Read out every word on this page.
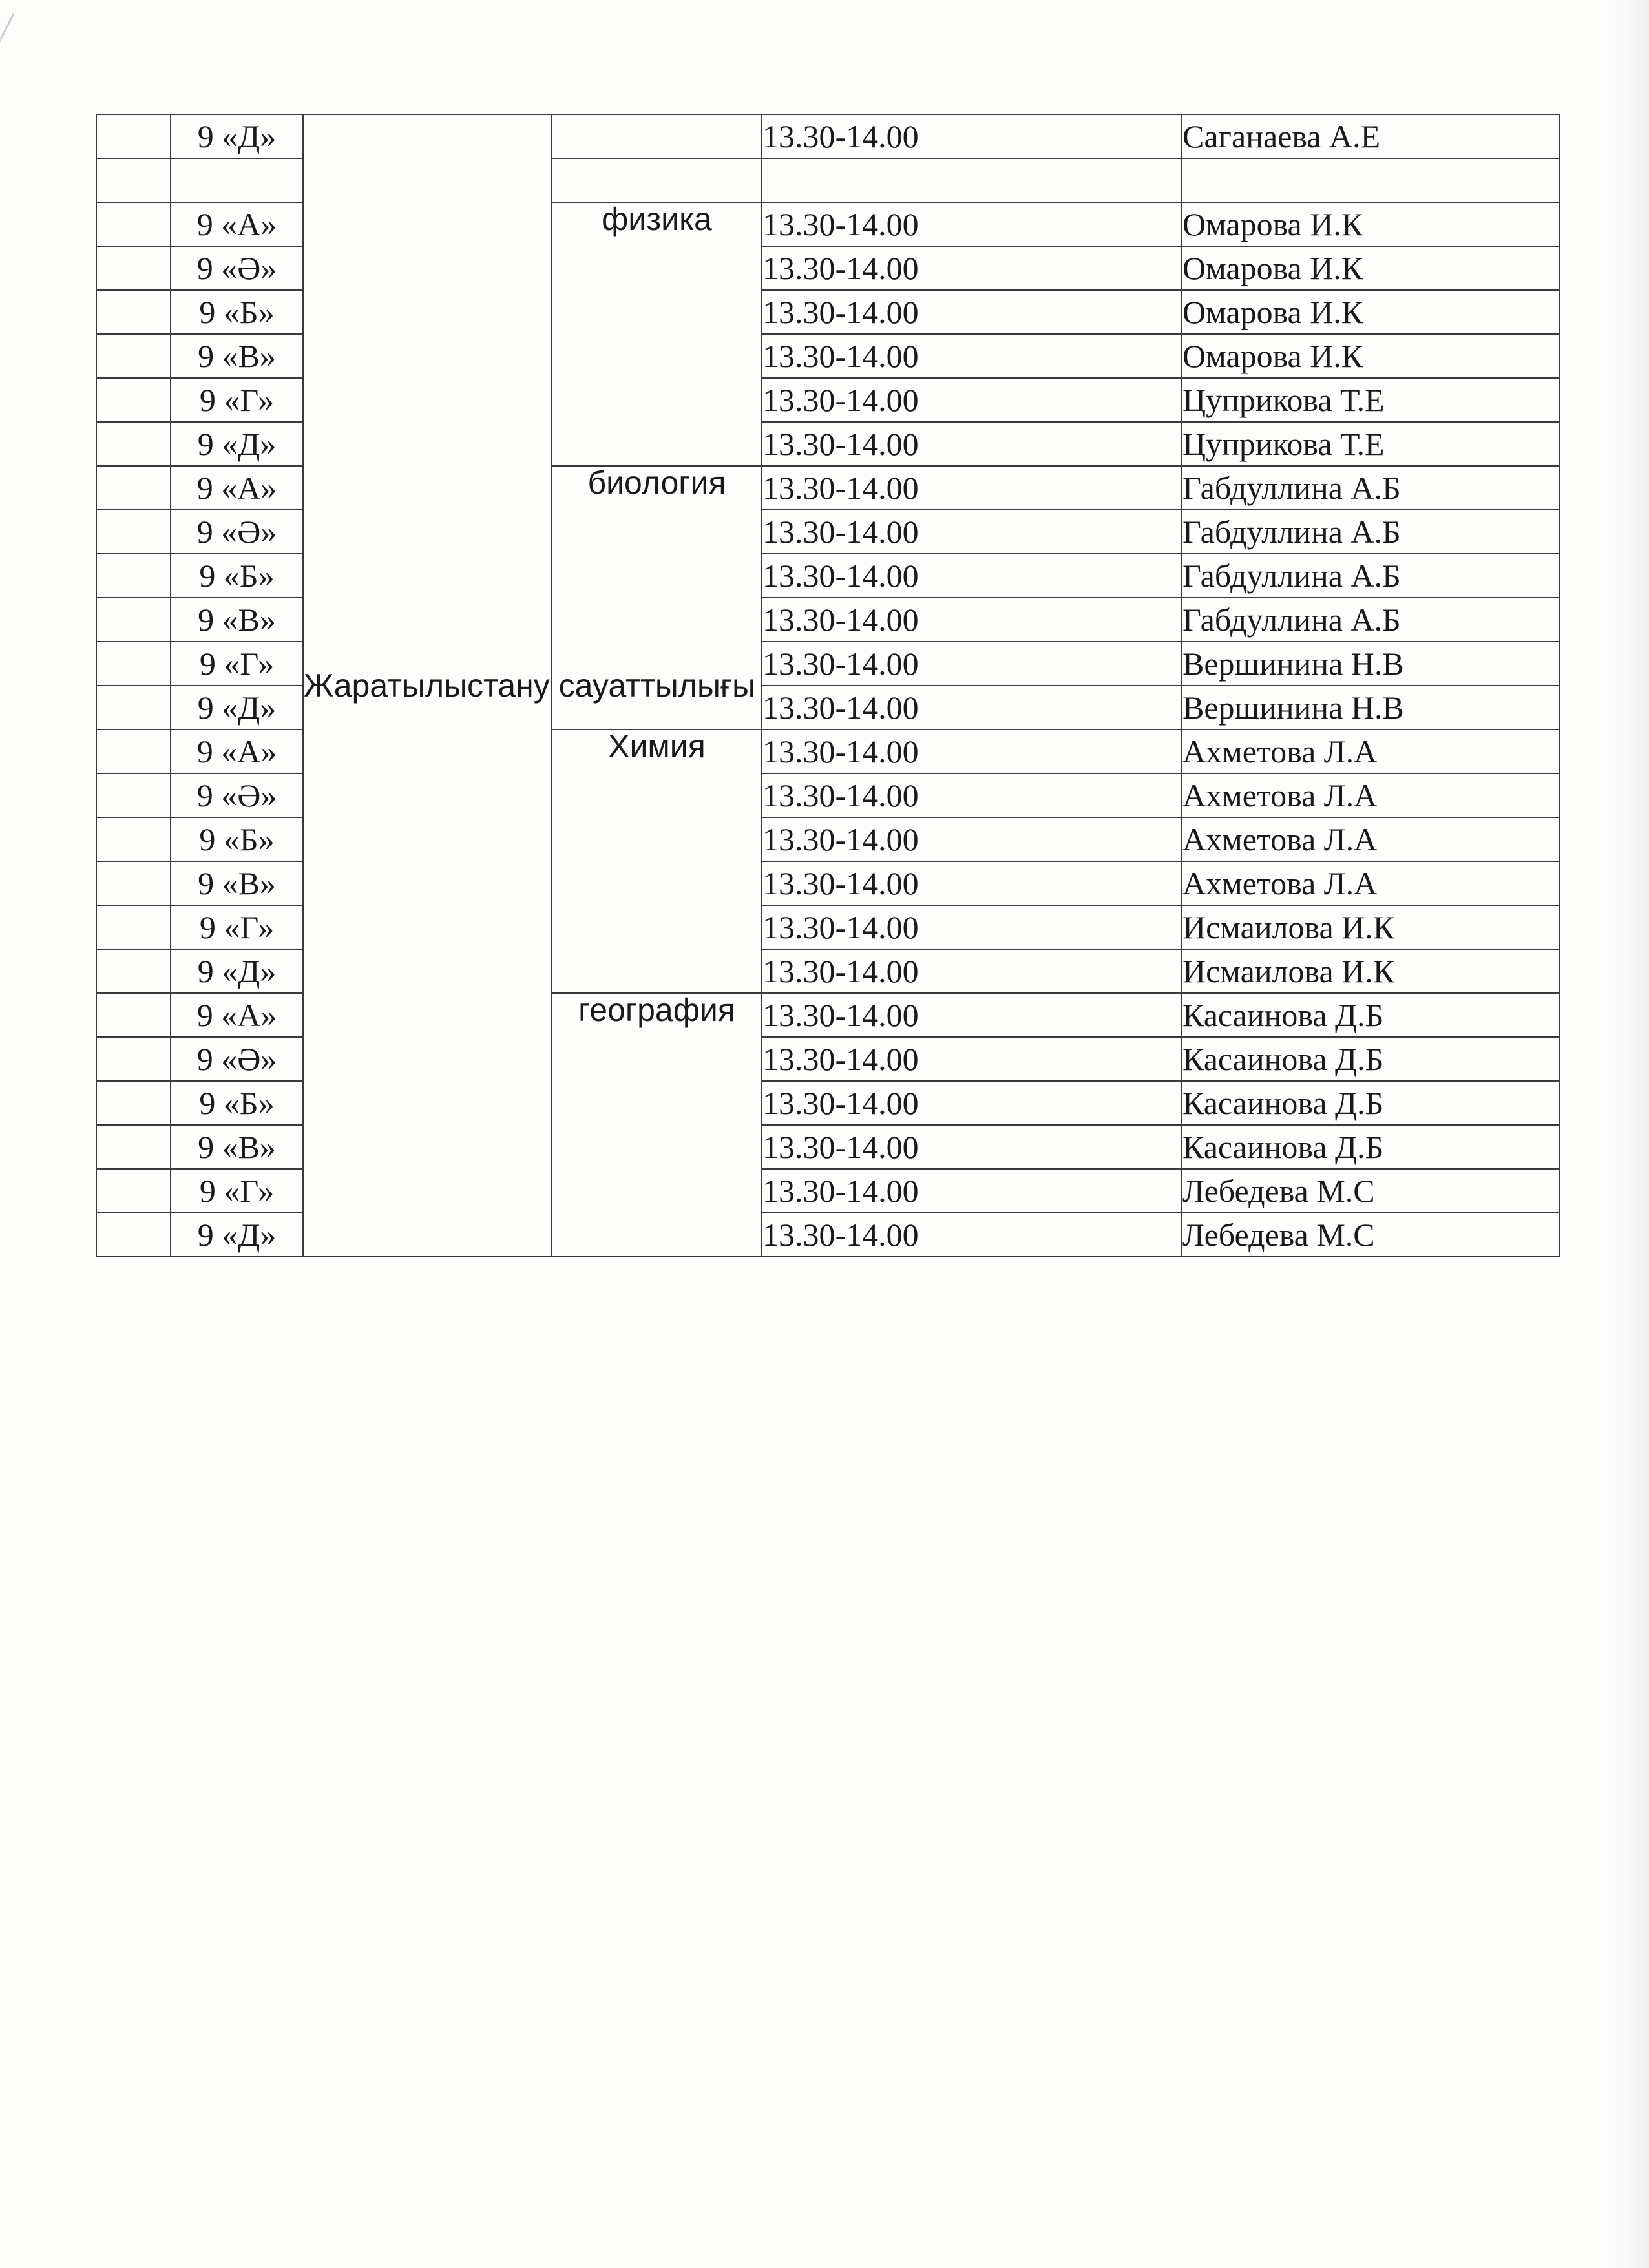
	9 «Д»	Жаратылыстану сауаттылығы		13.30-14.00	Саганаева А.Е

	9 «А»		физика	13.30-14.00	Омарова И.К
	9 «Ә»			13.30-14.00	Омарова И.К
	9 «Б»			13.30-14.00	Омарова И.К
	9 «В»			13.30-14.00	Омарова И.К
	9 «Г»			13.30-14.00	Цуприкова Т.Е
	9 «Д»			13.30-14.00	Цуприкова Т.Е
	9 «А»		биология	13.30-14.00	Габдуллина А.Б
	9 «Ә»			13.30-14.00	Габдуллина А.Б
	9 «Б»			13.30-14.00	Габдуллина А.Б
	9 «В»			13.30-14.00	Габдуллина А.Б
	9 «Г»			13.30-14.00	Вершинина Н.В
	9 «Д»			13.30-14.00	Вершинина Н.В
	9 «А»		Химия	13.30-14.00	Ахметова Л.А
	9 «Ә»			13.30-14.00	Ахметова Л.А
	9 «Б»			13.30-14.00	Ахметова Л.А
	9 «В»			13.30-14.00	Ахметова Л.А
	9 «Г»			13.30-14.00	Исмаилова И.К
	9 «Д»			13.30-14.00	Исмаилова И.К
	9 «А»		география	13.30-14.00	Касаинова Д.Б
	9 «Ә»			13.30-14.00	Касаинова Д.Б
	9 «Б»			13.30-14.00	Касаинова Д.Б
	9 «В»			13.30-14.00	Касаинова Д.Б
	9 «Г»			13.30-14.00	Лебедева М.С
	9 «Д»			13.30-14.00	Лебедева М.С
